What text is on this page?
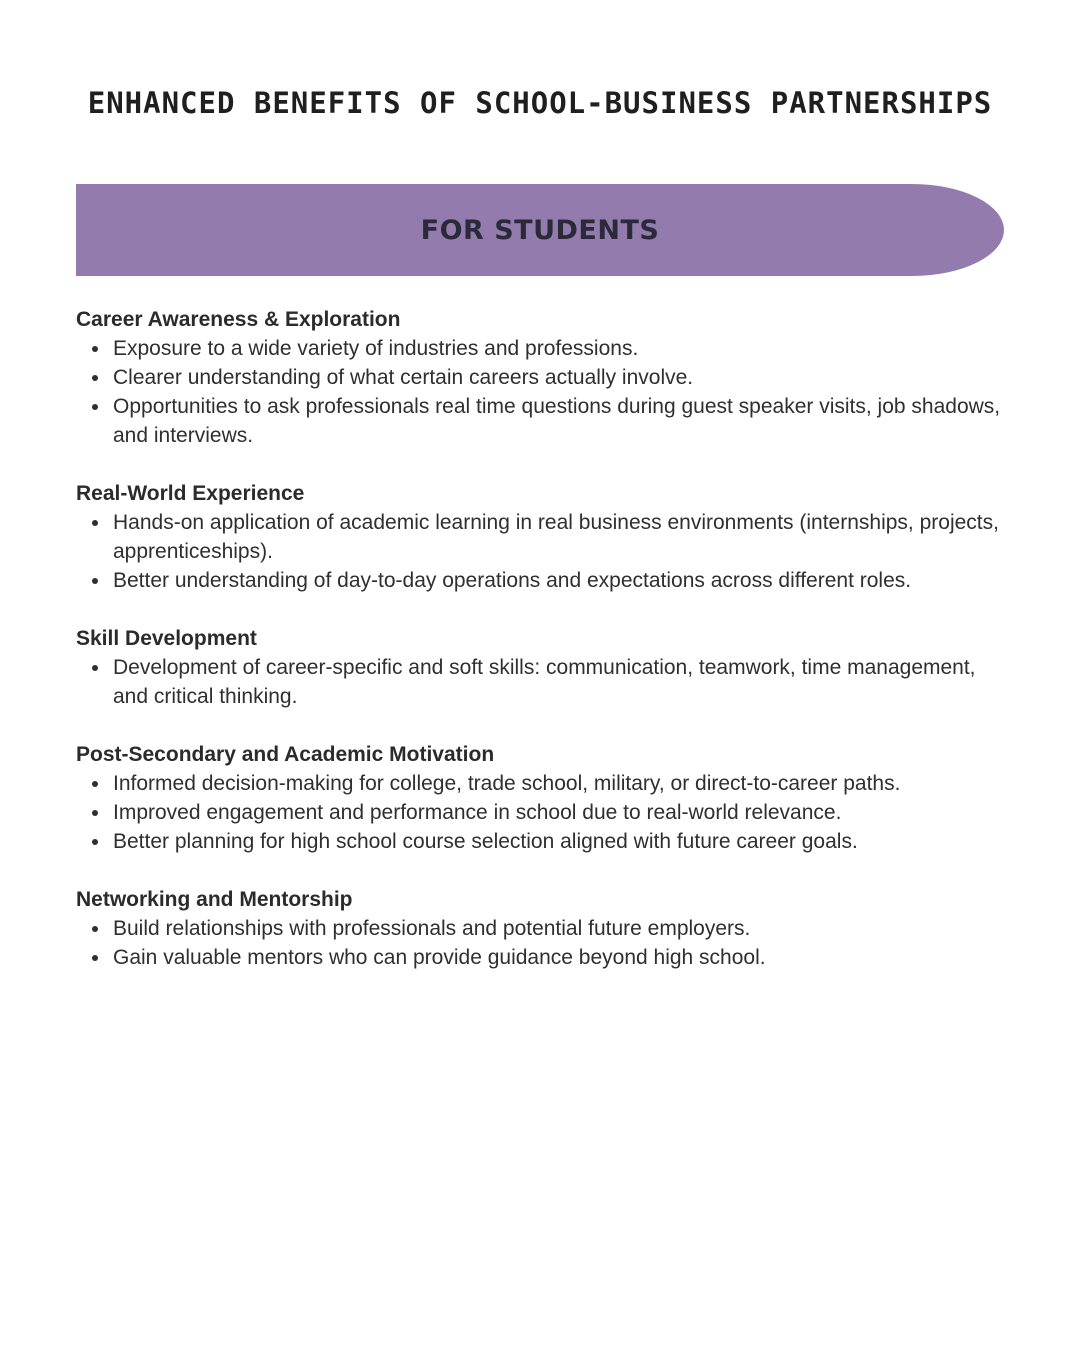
ENHANCED BENEFITS OF SCHOOL-BUSINESS PARTNERSHIPS
FOR STUDENTS
Career Awareness & Exploration
Exposure to a wide variety of industries and professions.
Clearer understanding of what certain careers actually involve.
Opportunities to ask professionals real time questions during guest speaker visits, job shadows, and interviews.
Real-World Experience
Hands-on application of academic learning in real business environments (internships, projects, apprenticeships).
Better understanding of day-to-day operations and expectations across different roles.
Skill Development
Development of career-specific and soft skills: communication, teamwork, time management, and critical thinking.
Post-Secondary and Academic Motivation
Informed decision-making for college, trade school, military, or direct-to-career paths.
Improved engagement and performance in school due to real-world relevance.
Better planning for high school course selection aligned with future career goals.
Networking and Mentorship
Build relationships with professionals and potential future employers.
Gain valuable mentors who can provide guidance beyond high school.
